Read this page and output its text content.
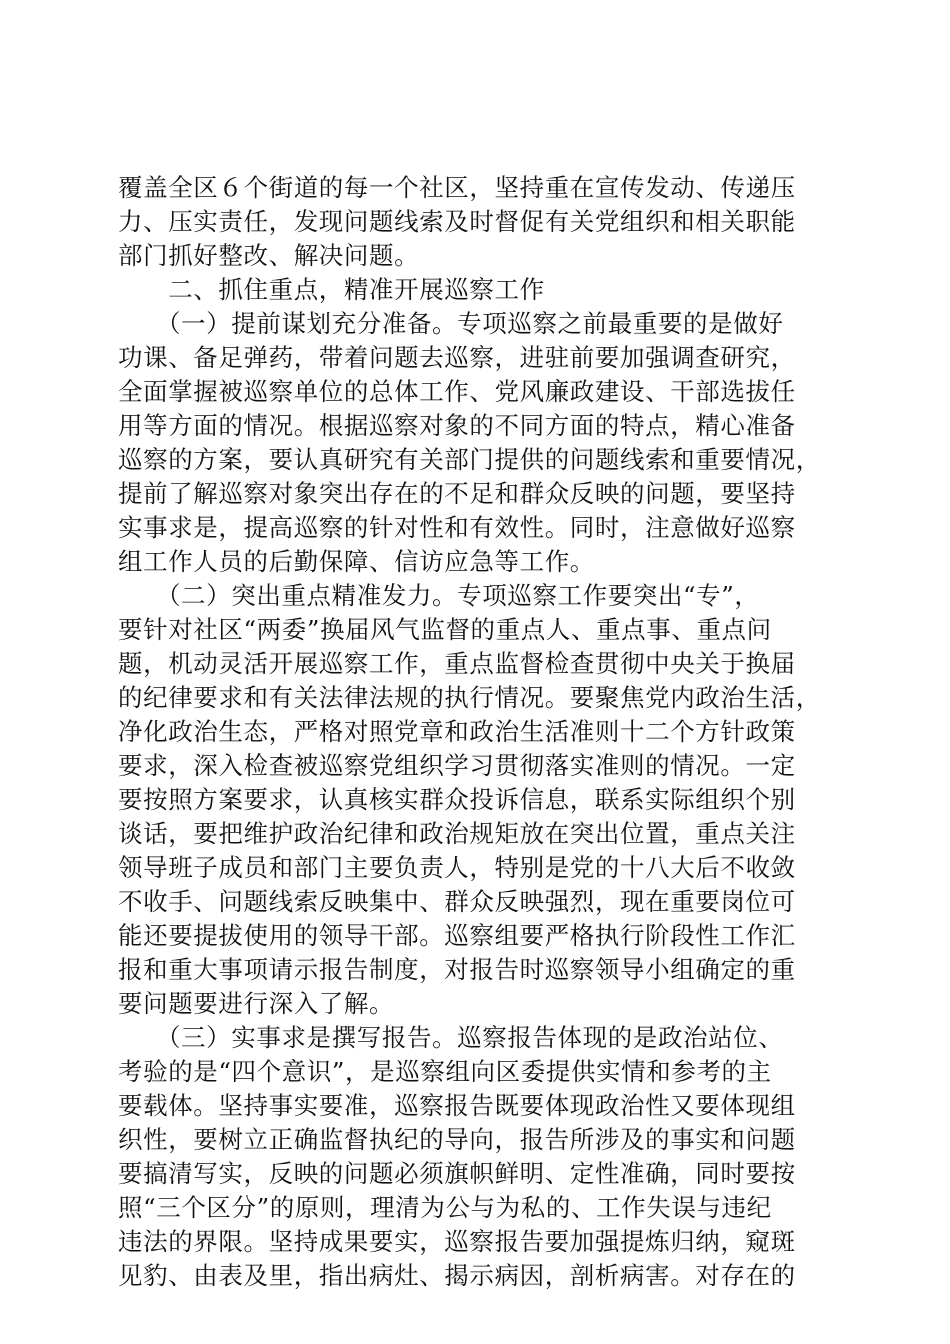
覆盖全区６个街道的每一个社区，坚持重在宣传发动、传递压
力、压实责任，发现问题线索及时督促有关党组织和相关职能
部门抓好整改、解决问题。
　　二、抓住重点，精准开展巡察工作
　　（一）提前谋划充分准备。专项巡察之前最重要的是做好
功课、备足弹药，带着问题去巡察，进驻前要加强调查研究，
全面掌握被巡察单位的总体工作、党风廉政建设、干部选拔任
用等方面的情况。根据巡察对象的不同方面的特点，精心准备
巡察的方案，要认真研究有关部门提供的问题线索和重要情况，
提前了解巡察对象突出存在的不足和群众反映的问题，要坚持
实事求是，提高巡察的针对性和有效性。同时，注意做好巡察
组工作人员的后勤保障、信访应急等工作。
　　（二）突出重点精准发力。专项巡察工作要突出“专”，
要针对社区“两委”换届风气监督的重点人、重点事、重点问
题，机动灵活开展巡察工作，重点监督检查贯彻中央关于换届
的纪律要求和有关法律法规的执行情况。要聚焦党内政治生活，
净化政治生态，严格对照党章和政治生活准则十二个方针政策
要求，深入检查被巡察党组织学习贯彻落实准则的情况。一定
要按照方案要求，认真核实群众投诉信息，联系实际组织个别
谈话，要把维护政治纪律和政治规矩放在突出位置，重点关注
领导班子成员和部门主要负责人，特别是党的十八大后不收敛
不收手、问题线索反映集中、群众反映强烈，现在重要岗位可
能还要提拔使用的领导干部。巡察组要严格执行阶段性工作汇
报和重大事项请示报告制度，对报告时巡察领导小组确定的重
要问题要进行深入了解。
　　（三）实事求是撰写报告。巡察报告体现的是政治站位、
考验的是“四个意识”，是巡察组向区委提供实情和参考的主
要载体。坚持事实要准，巡察报告既要体现政治性又要体现组
织性，要树立正确监督执纪的导向，报告所涉及的事实和问题
要搞清写实，反映的问题必须旗帜鲜明、定性准确，同时要按
照“三个区分”的原则，理清为公与为私的、工作失误与违纪
违法的界限。坚持成果要实，巡察报告要加强提炼归纳，窥斑
见豹、由表及里，指出病灶、揭示病因，剖析病害。对存在的
